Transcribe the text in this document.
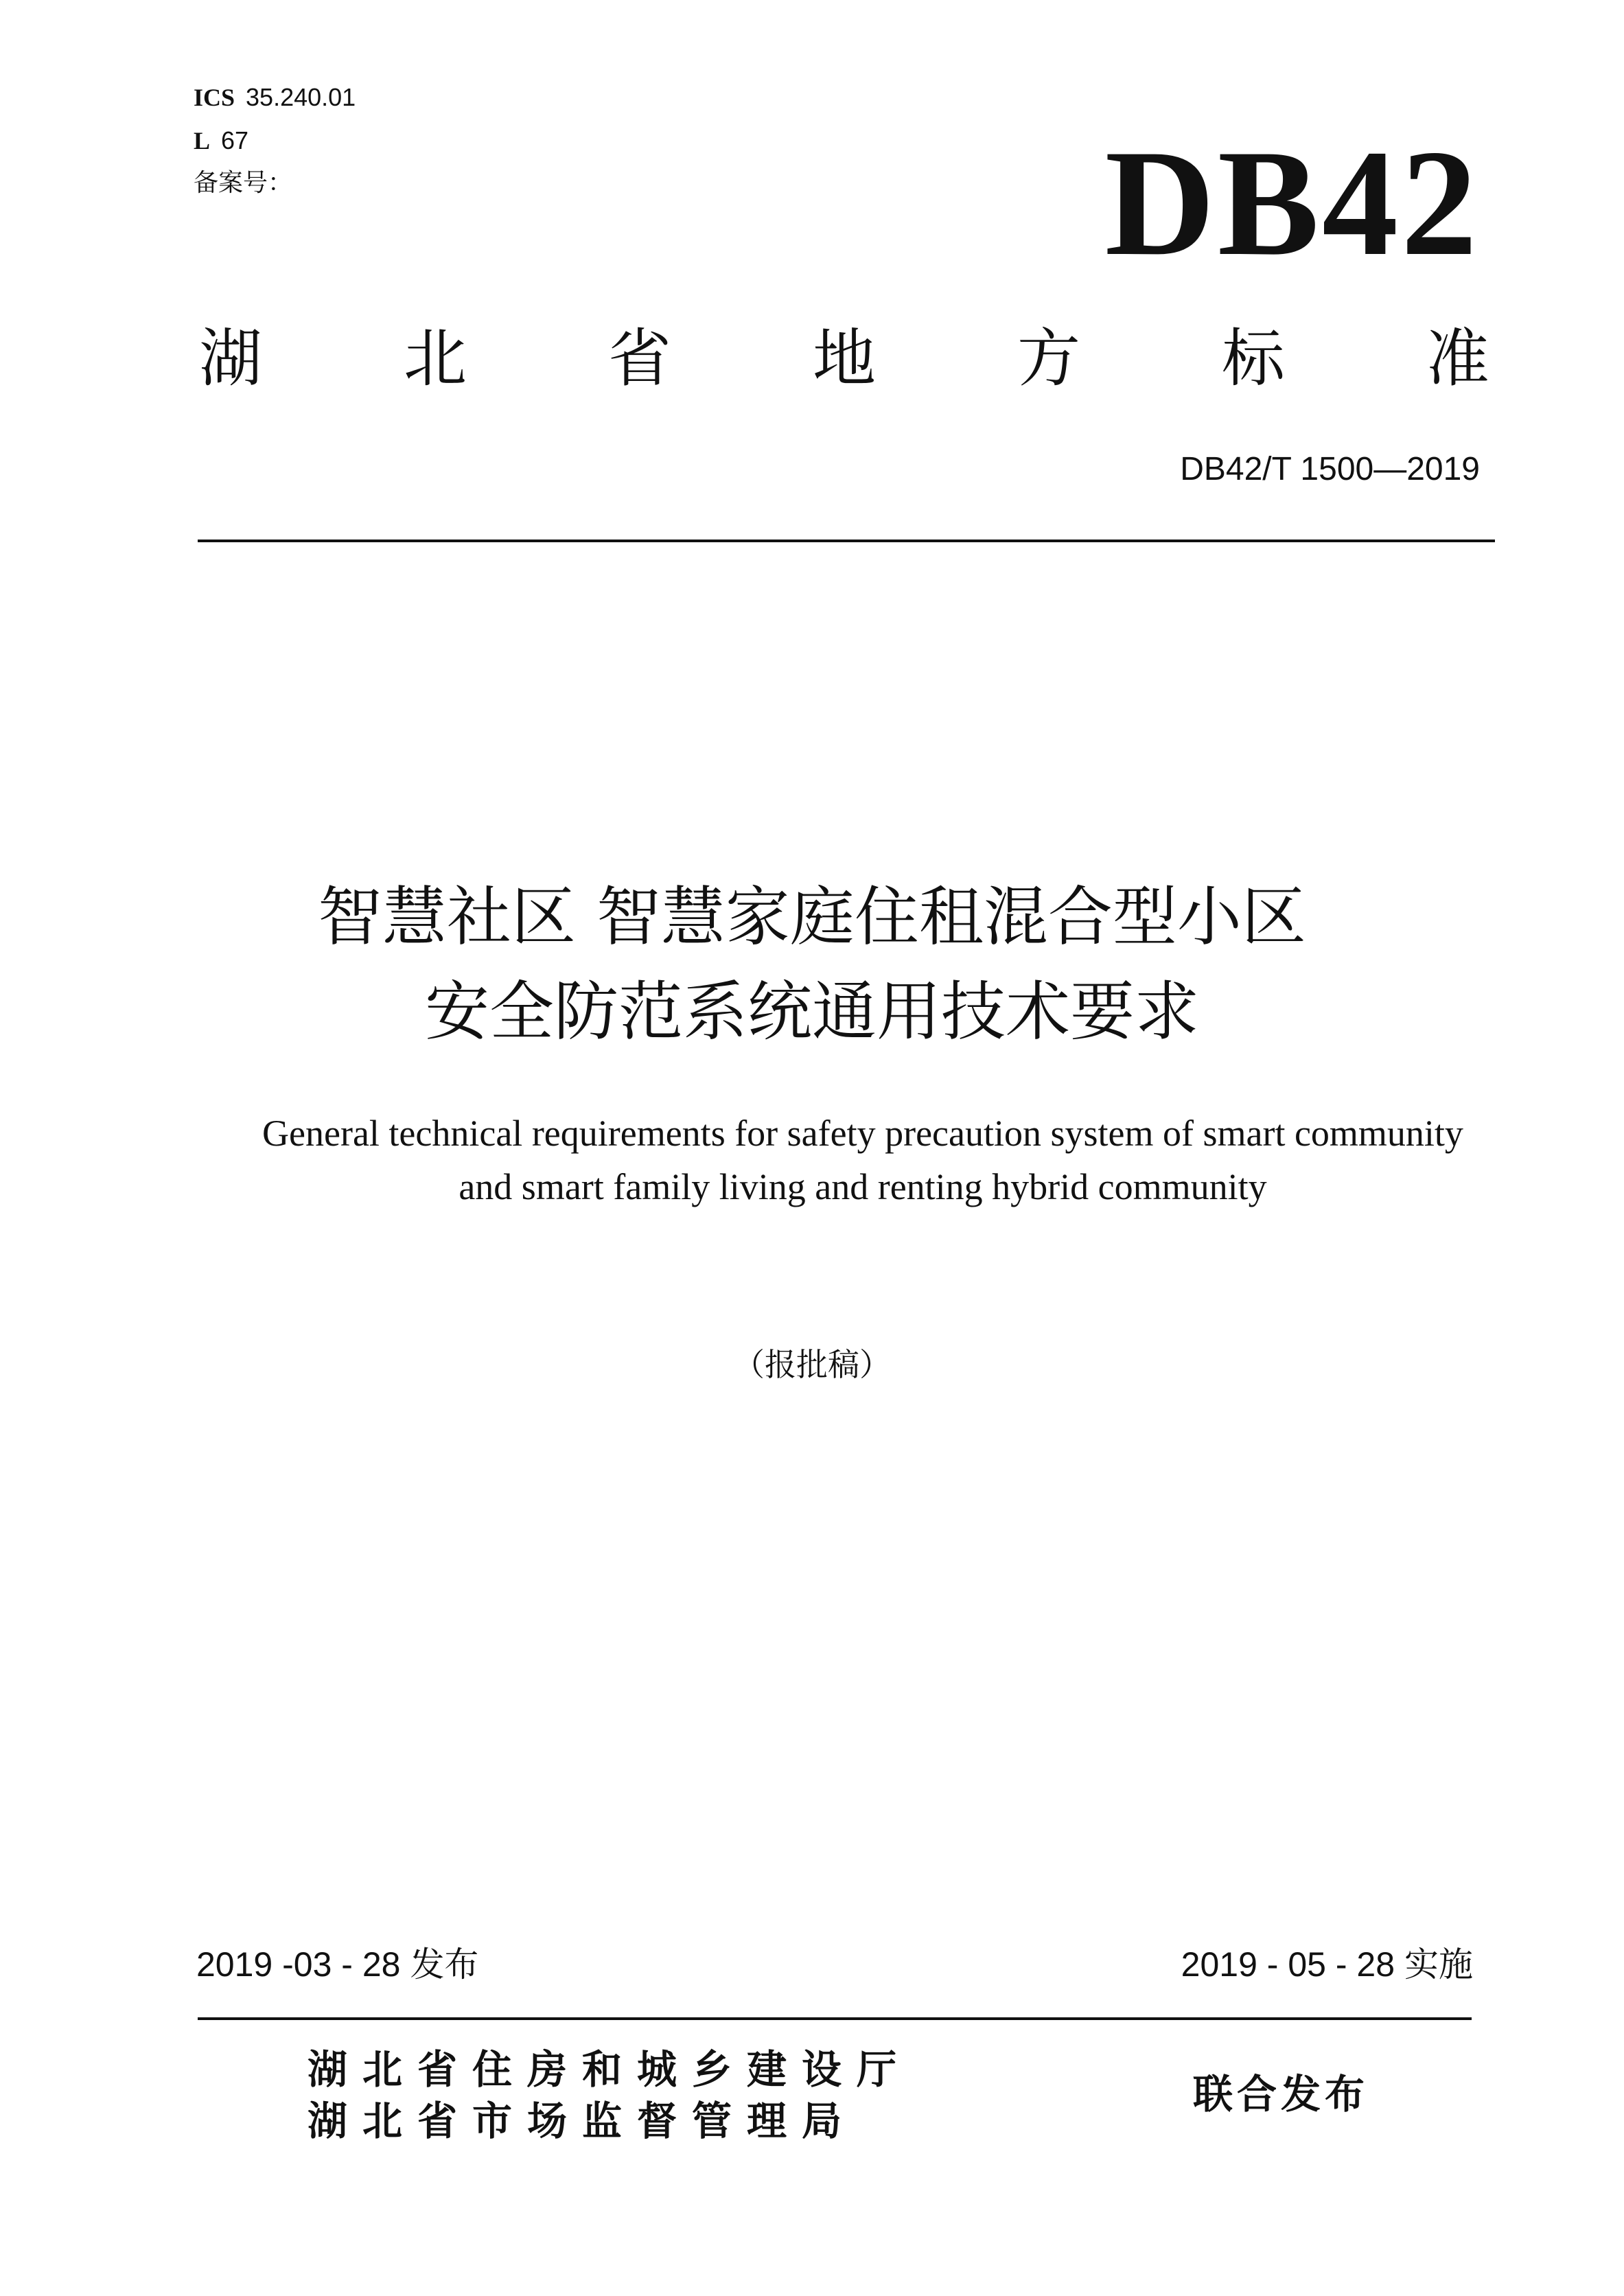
ICS 35.240.01
L 67
备案号：	DB42
湖 北 省 地 方 标 准
DB42/T 1500—2019
智慧社区 智慧家庭住租混合型小区
安全防范系统通用技术要求
General technical requirements for safety precaution system of smart community
and smart family living and renting hybrid community
（报批稿）
2019 -03 - 28 发布	2019 - 05 - 28 实施
湖北省住房和城乡建设厅
湖北省市场监督管理局
联合发布
